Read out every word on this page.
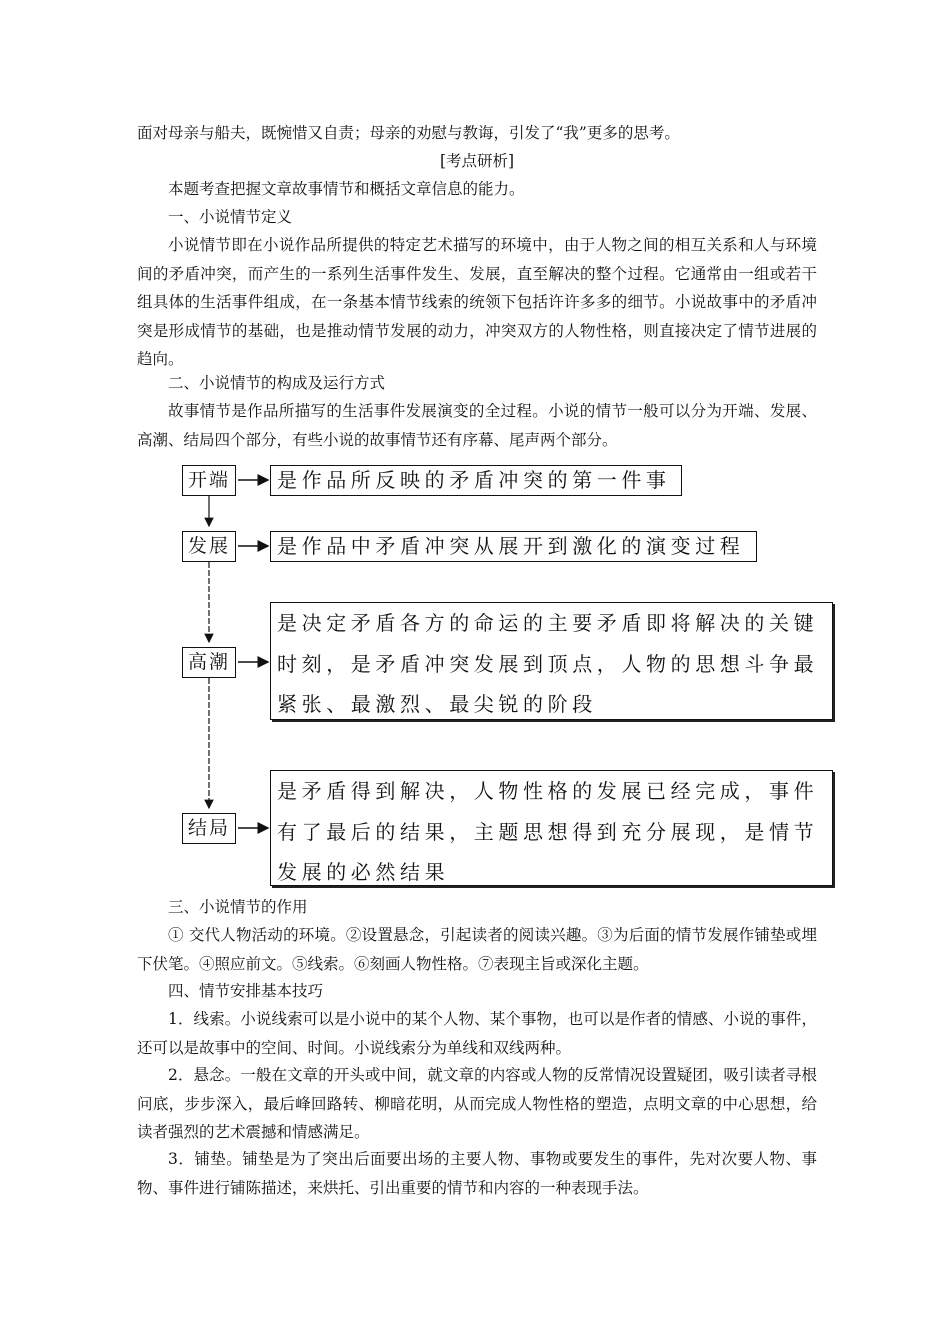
面对母亲与船夫，既惋惜又自责；母亲的劝慰与教诲，引发了“我”更多的思考。

[考点研析]

本题考查把握文章故事情节和概括文章信息的能力。

一、小说情节定义

小说情节即在小说作品所提供的特定艺术描写的环境中，由于人物之间的相互关系和人与环境间的矛盾冲突，而产生的一系列生活事件发生、发展，直至解决的整个过程。它通常由一组或若干组具体的生活事件组成，在一条基本情节线索的统领下包括许许多多的细节。小说故事中的矛盾冲突是形成情节的基础，也是推动情节发展的动力，冲突双方的人物性格，则直接决定了情节进展的趋向。

二、小说情节的构成及运行方式

故事情节是作品所描写的生活事件发展演变的全过程。小说的情节一般可以分为开端、发展、高潮、结局四个部分，有些小说的故事情节还有序幕、尾声两个部分。

开端	是作品所反映的矛盾冲突的第一件事
发展	是作品中矛盾冲突从展开到激化的演变过程
高潮
是决定矛盾各方的命运的主要矛盾即将解决的关键时刻，是矛盾冲突发展到顶点，人物的思想斗争最紧张、最激烈、最尖锐的阶段
结局
是矛盾得到解决，人物性格的发展已经完成，事件有了最后的结果，主题思想得到充分展现，是情节发展的必然结果

三、小说情节的作用

① 交代人物活动的环境。②设置悬念，引起读者的阅读兴趣。③为后面的情节发展作铺垫或埋下伏笔。④照应前文。⑤线索。⑥刻画人物性格。⑦表现主旨或深化主题。

四、情节安排基本技巧

1．线索。小说线索可以是小说中的某个人物、某个事物，也可以是作者的情感、小说的事件，还可以是故事中的空间、时间。小说线索分为单线和双线两种。

2．悬念。一般在文章的开头或中间，就文章的内容或人物的反常情况设置疑团，吸引读者寻根问底，步步深入，最后峰回路转、柳暗花明，从而完成人物性格的塑造，点明文章的中心思想，给读者强烈的艺术震撼和情感满足。

3．铺垫。铺垫是为了突出后面要出场的主要人物、事物或要发生的事件，先对次要人物、事物、事件进行铺陈描述，来烘托、引出重要的情节和内容的一种表现手法。
